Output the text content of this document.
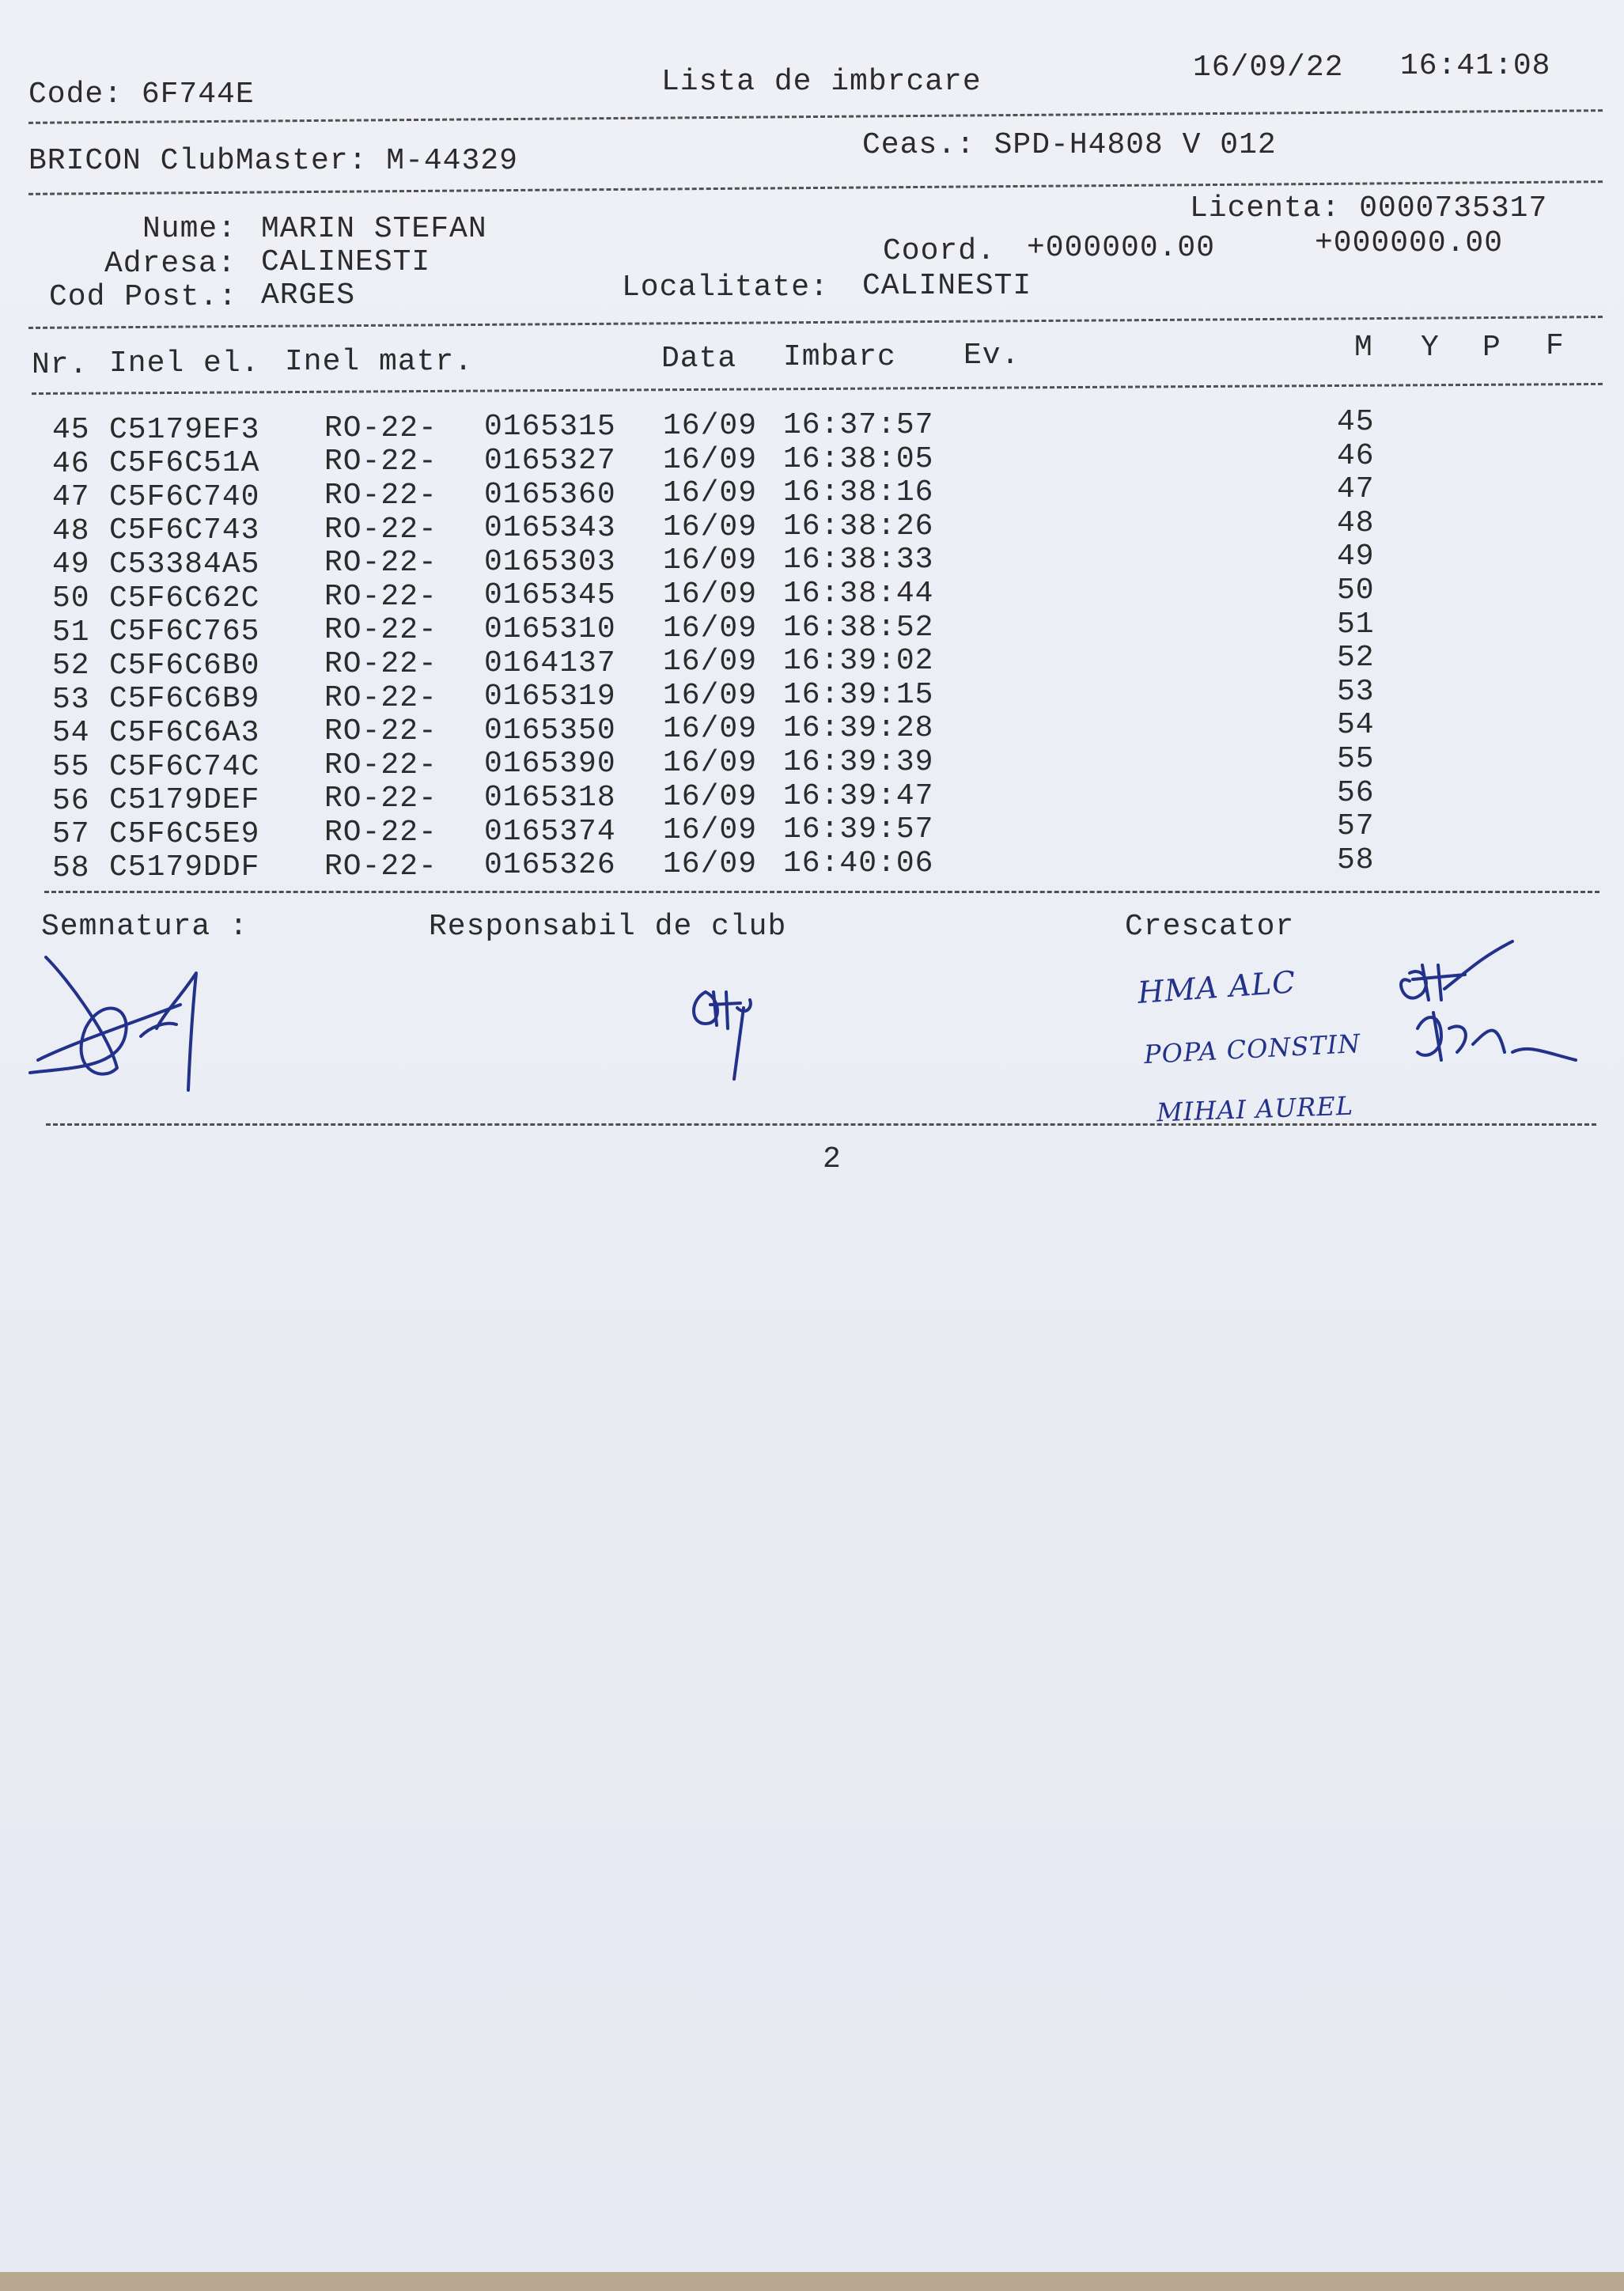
Code: 6F744E	Lista de imbrcare	16/09/22 16:41:08
BRICON ClubMaster: M-44329	Ceas.: SPD-H4808 V 012
Licenta: 0000735317
Nume: MARIN STEFAN
Adresa: CALINESTI	Coord. +000000.00	+000000.00
Cod Post.: ARGES	Localitate: CALINESTI
Nr. Inel el. Inel matr.	Data Imbarc Ev.	M Y P F
45 C5179EF3 RO-22- 0165315 16/09 16:37:57	45
46 C5F6C51A RO-22- 0165327 16/09 16:38:05	46
47 C5F6C740 RO-22- 0165360 16/09 16:38:16	47
48 C5F6C743 RO-22- 0165343 16/09 16:38:26	48
49 C53384A5 RO-22- 0165303 16/09 16:38:33	49
50 C5F6C62C RO-22- 0165345 16/09 16:38:44	50
51 C5F6C765 RO-22- 0165310 16/09 16:38:52	51
52 C5F6C6B0 RO-22- 0164137 16/09 16:39:02	52
53 C5F6C6B9 RO-22- 0165319 16/09 16:39:15	53
54 C5F6C6A3 RO-22- 0165350 16/09 16:39:28	54
55 C5F6C74C RO-22- 0165390 16/09 16:39:39	55
56 C5179DEF RO-22- 0165318 16/09 16:39:47	56
57 C5F6C5E9 RO-22- 0165374 16/09 16:39:57	57
58 C5179DDF RO-22- 0165326 16/09 16:40:06	58
Semnatura :	Responsabil de club	Crescator
HMA ALC
POPA CONSTIN
MIHAI AUREL
2
